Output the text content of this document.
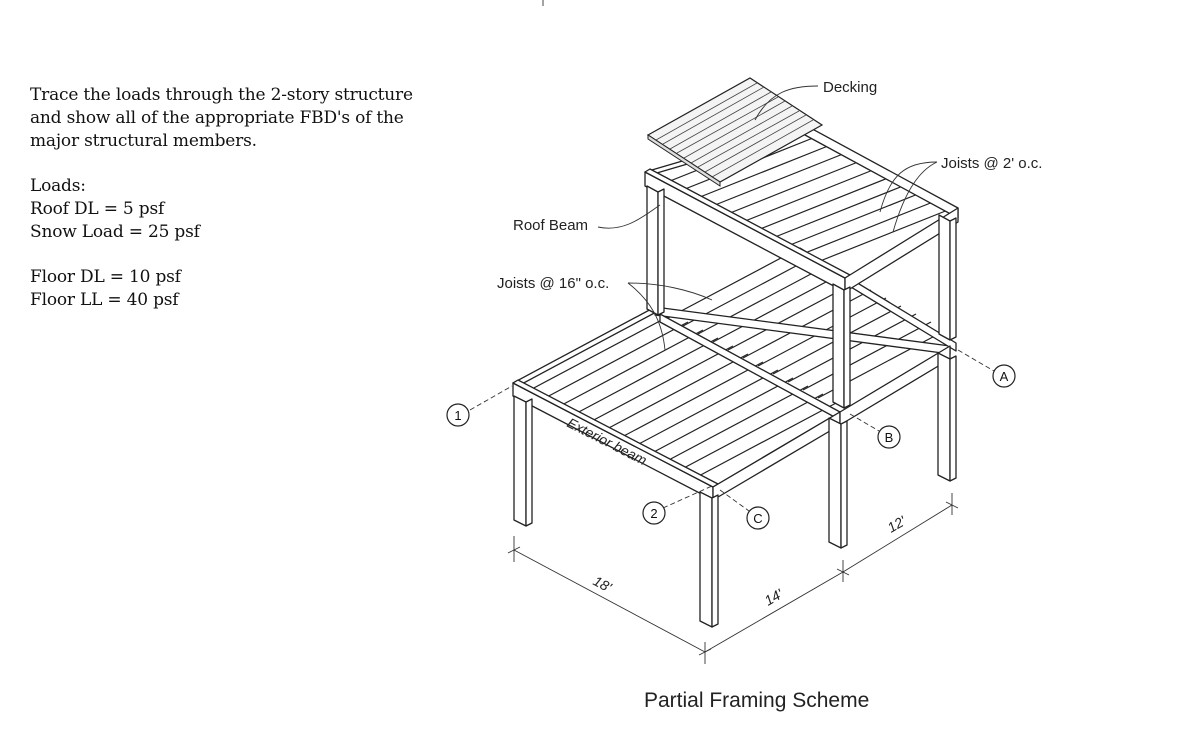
Trace the loads through the 2-story structure
and show all of the appropriate FBD's of the
major structural members.

Loads:
Roof DL = 5 psf
Snow Load = 25 psf

Floor DL = 10 psf
Floor LL = 40 psf

Exterior beam
Decking
Joists @ 2' o.c.
Roof Beam
Joists @ 16" o.c.
1
2
A
B
C
18'
14'
12'
Partial Framing Scheme
